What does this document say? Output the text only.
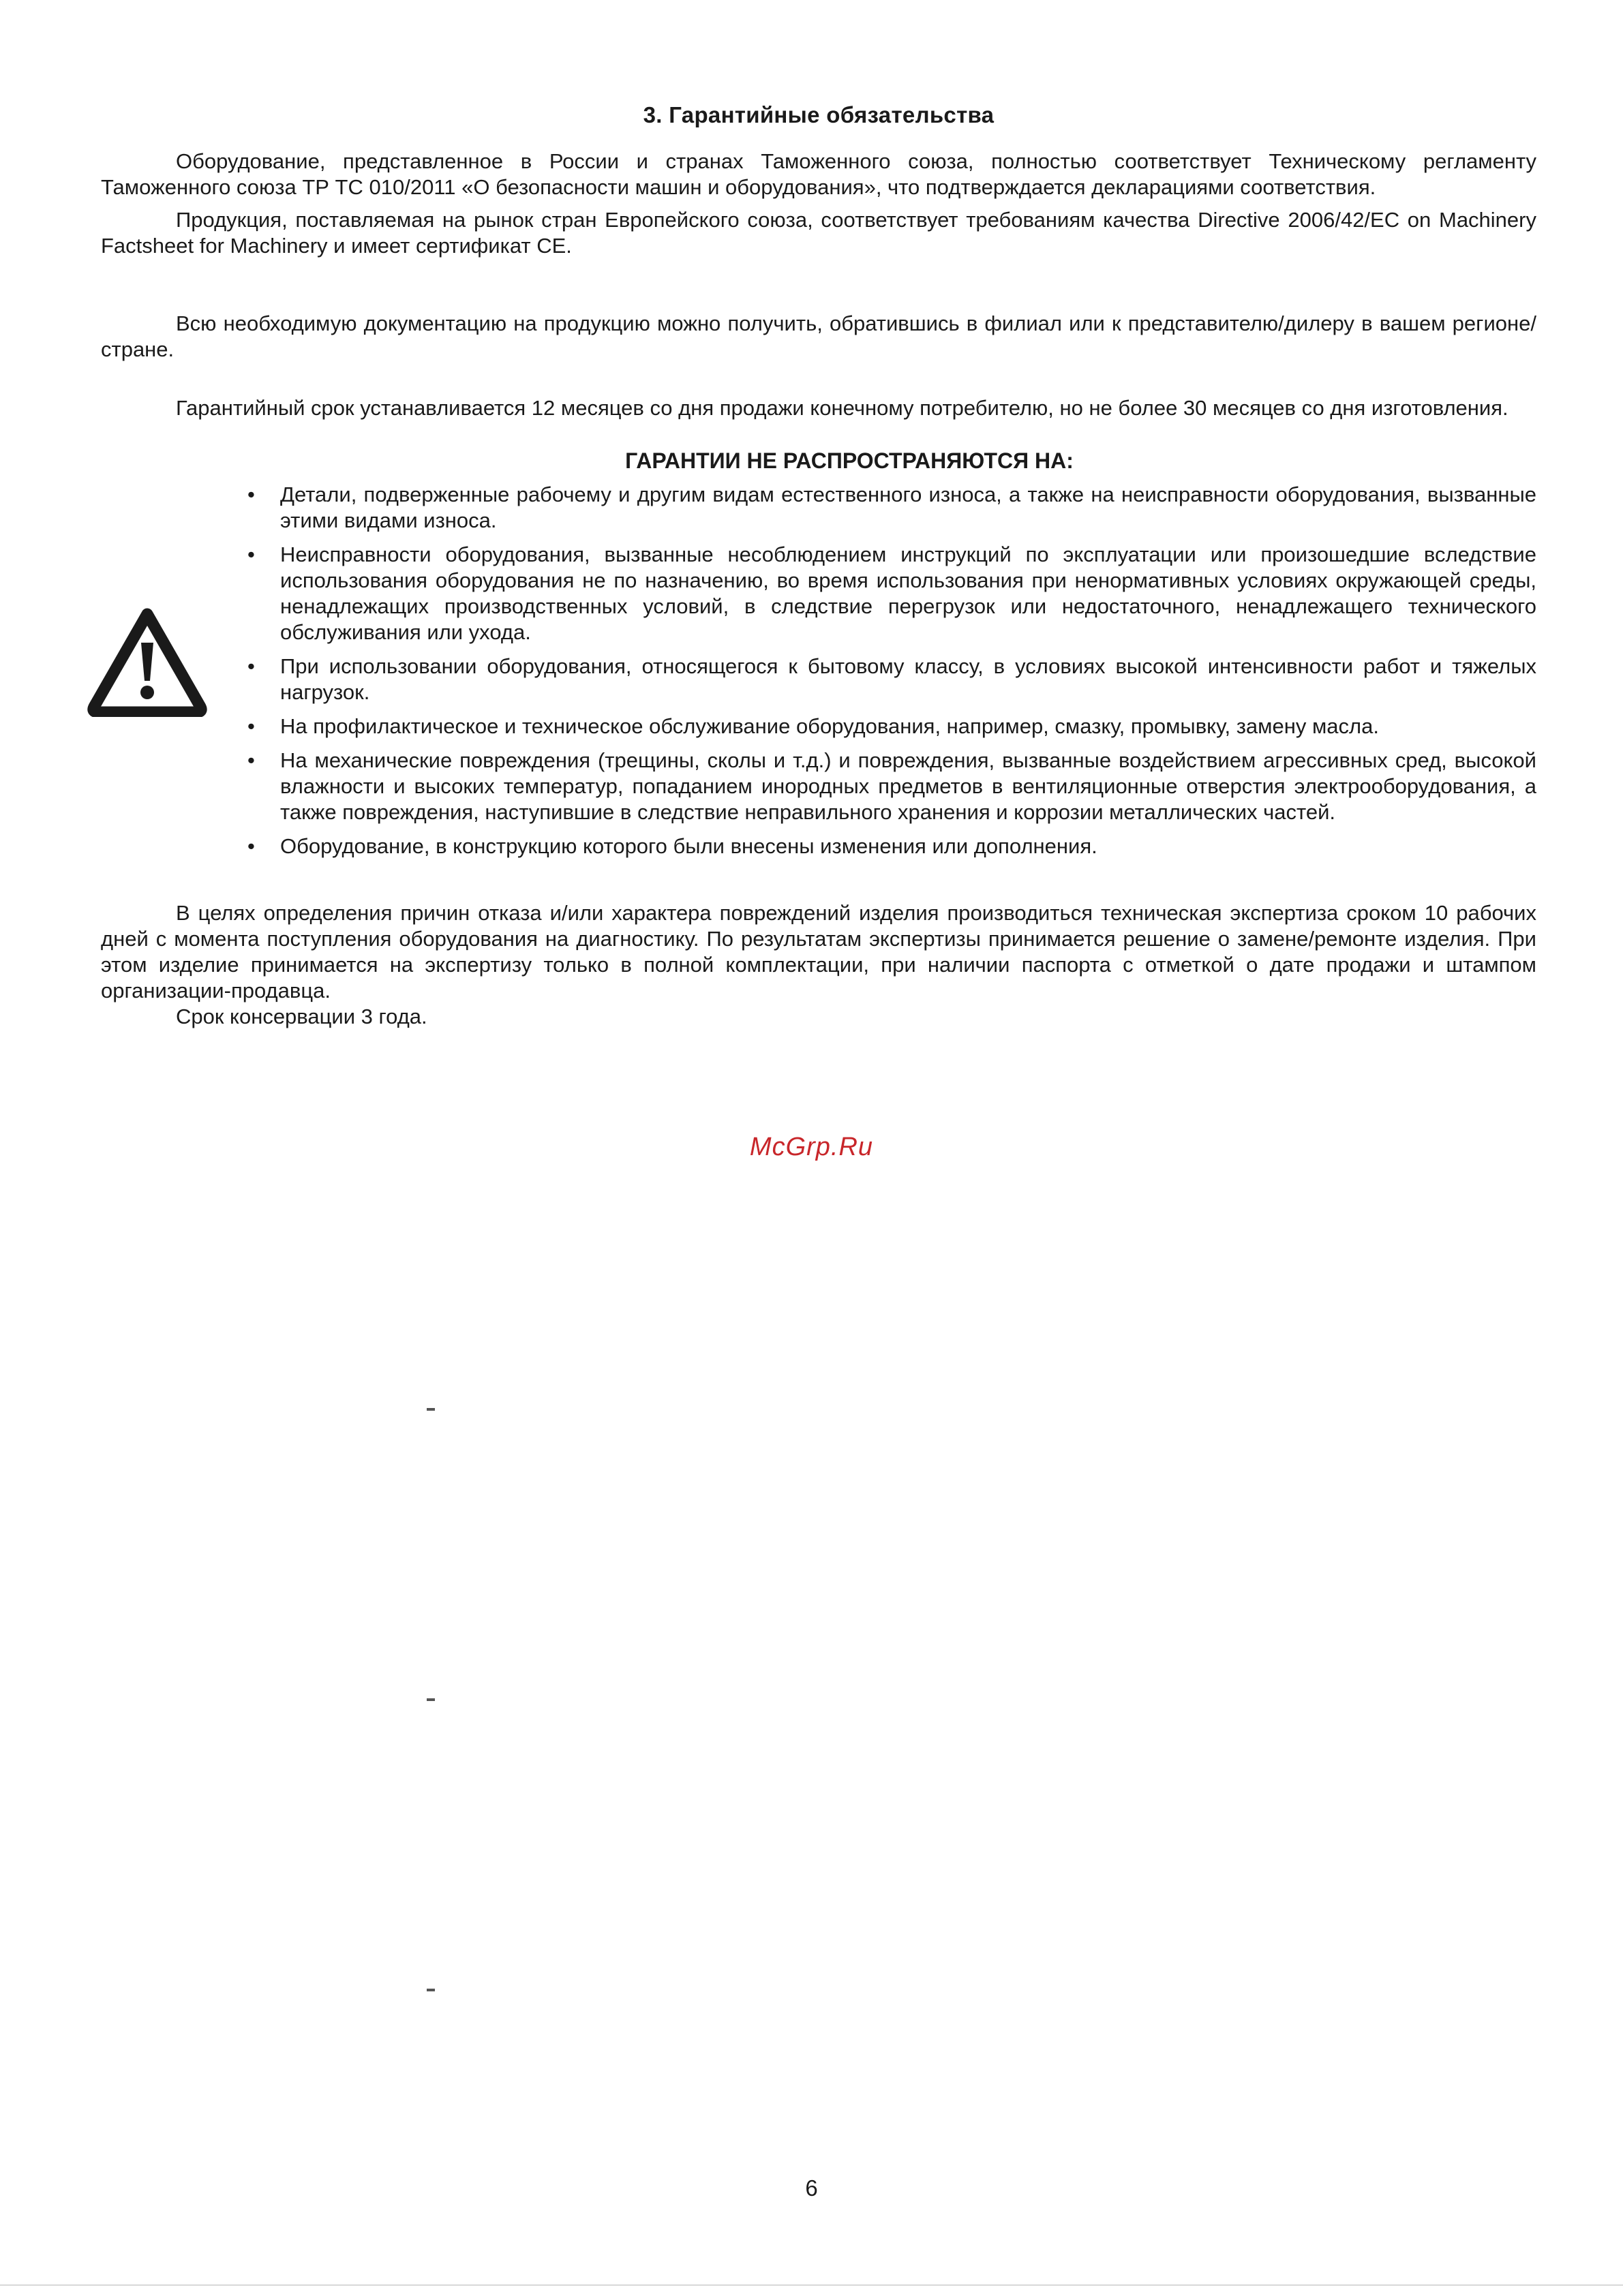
3. Гарантийные обязательства

Оборудование, представленное в России и странах Таможенного союза, полностью соответствует Техническому регламенту Таможенного союза ТР ТС 010/2011 «О безопасности машин и оборудования», что подтверждается декларациями соответствия.

Продукция, поставляемая на рынок стран Европейского союза, соответствует требованиям качества Directive 2006/42/EC on Machinery Factsheet for Machinery и имеет сертификат CE.

Всю необходимую документацию на продукцию можно получить, обратившись в филиал или к представителю/дилеру в вашем регионе/стране.

Гарантийный срок устанавливается 12 месяцев со дня продажи конечному потребителю, но не более 30 месяцев со дня изготовления.

ГАРАНТИИ НЕ РАСПРОСТРАНЯЮТСЯ НА:
• Детали, подверженные рабочему и другим видам естественного износа, а также на неисправности оборудования, вызванные этими видами износа.
• Неисправности оборудования, вызванные несоблюдением инструкций по эксплуатации или произошедшие вследствие использования оборудования не по назначению, во время использования при ненормативных условиях окружающей среды, ненадлежащих производственных условий, в следствие перегрузок или недостаточного, ненадлежащего технического обслуживания или ухода.
• При использовании оборудования, относящегося к бытовому классу, в условиях высокой интенсивности работ и тяжелых нагрузок.
• На профилактическое и техническое обслуживание оборудования, например, смазку, промывку, замену масла.
• На механические повреждения (трещины, сколы и т.д.) и повреждения, вызванные воздействием агрессивных сред, высокой влажности и высоких температур, попаданием инородных предметов в вентиляционные отверстия электрооборудования, а также повреждения, наступившие в следствие неправильного хранения и коррозии металлических частей.
• Оборудование, в конструкцию которого были внесены изменения или дополнения.

В целях определения причин отказа и/или характера повреждений изделия производиться техническая экспертиза сроком 10 рабочих дней с момента поступления оборудования на диагностику. По результатам экспертизы принимается решение о замене/ремонте изделия. При этом изделие принимается на экспертизу только в полной комплектации, при наличии паспорта с отметкой о дате продажи и штампом организации-продавца.

Срок консервации 3 года.

McGrp.Ru
6
